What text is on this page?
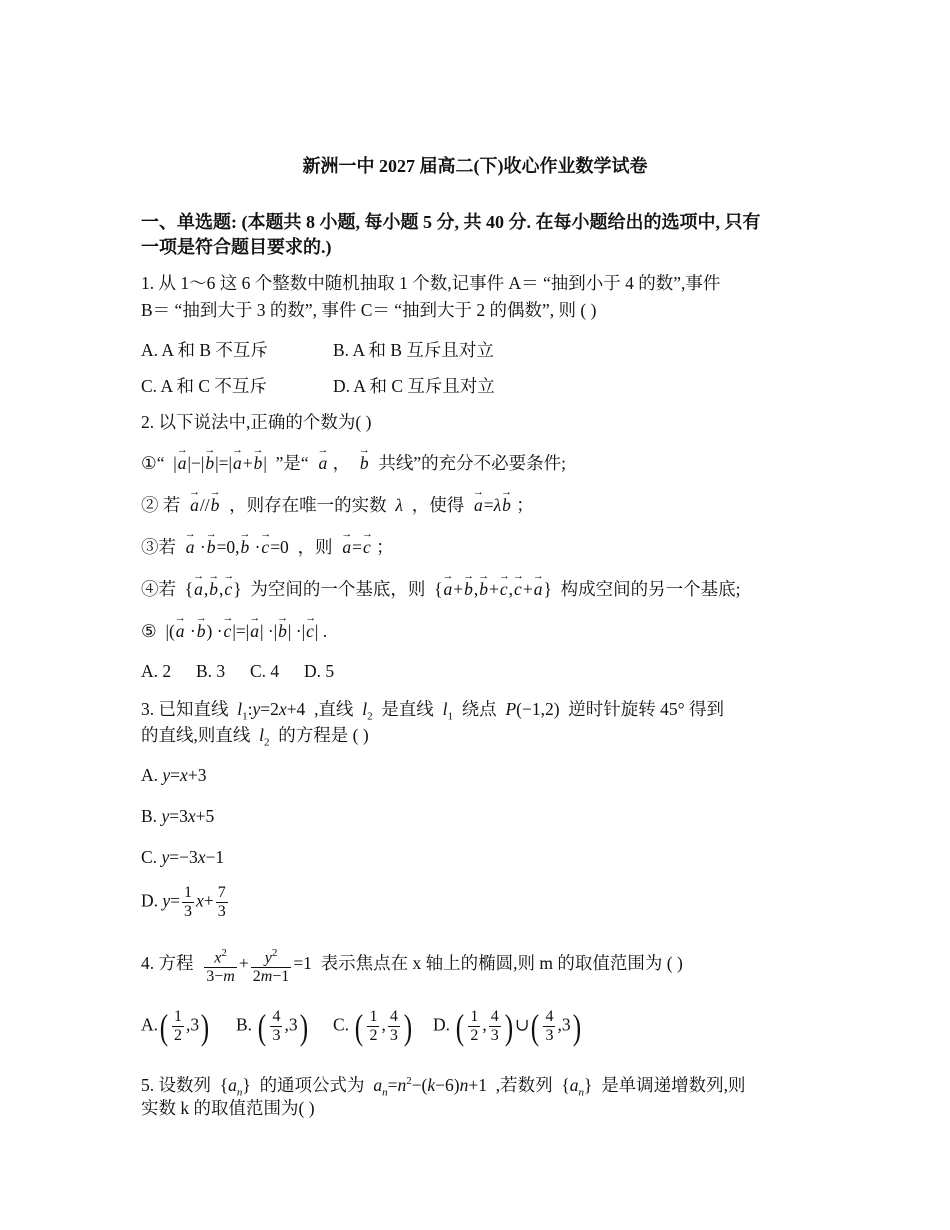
新洲一中 2027 届高二(下)收心作业数学试卷
一、单选题: (本题共 8 小题, 每小题 5 分, 共 40 分. 在每小题给出的选项中, 只有
一项是符合题目要求的.)
1. 从 1～6 这 6 个整数中随机抽取 1 个数,记事件 A＝ “抽到小于 4 的数”,事件
B＝ “抽到大于 3 的数”, 事件 C＝ “抽到大于 2 的偶数”, 则 ( )
A. A 和 B 不互斥	B. A 和 B 互斥且对立
C. A 和 C 不互斥	D. A 和 C 互斥且对立
2. 以下说法中,正确的个数为( )
①“ |→ a|−|→ b|=|→ a+→ b| ”是“ → a ，  → b 共线”的充分不必要条件;
② 若 → a//→ b ，则存在唯一的实数 λ ，使得 → a=λ→ b ；
③若 → a ·→ b=0,→ b ·→ c=0  ，则 → a=→ c ；
④若  {→ a,→ b,→ c}  为空间的一个基底，则  {→ a+→ b,→ b+→ c,→ c+→ a}  构成空间的另一个基底;
⑤  |(→ a ·→ b) ·→ c|=|→ a| ·|→ b| ·|→ c| .
A. 2 B. 3 C. 4 D. 5
3. 已知直线 $l_1:y=2x+4$  ,直线 $l_2$ 是直线 $l_1$ 绕点 P(−1,2)  逆时针旋转 45° 得到
的直线,则直线 $l_2$ 的方程是 ( )
A. y=x+3
B. y=3x+5
C. y=−3x−1
D. $y= \frac{1}{3} x+ \frac{7}{3}$
4. 方程 $\frac{x^2}{3-m} + \frac{y^2}{2m-1} =1$  表示焦点在 x 轴上的椭圆,则 m 的取值范围为 ( )
$A.( \frac{1}{2} ,3)$ B. ( $\frac{4}{3} ,3$) C. ( $\frac{1}{2}$ , $\frac{4}{3}$ ) D. ( $\frac{1}{2}$ , $\frac{4}{3}$ ) ∪( $\frac{4}{3} ,3$)
5. 设数列  $\{a_n\}$  的通项公式为 $a_n=n^2-(k-6)n+1$  ,若数列  $\{a_n\}$  是单调递增数列,则
实数 k 的取值范围为( )
